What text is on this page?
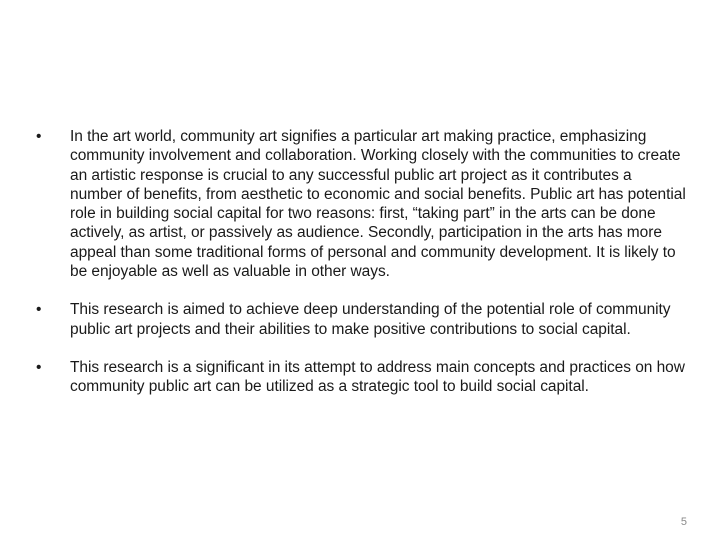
•	In the art world, community art signifies a particular art making practice, emphasizing community involvement and collaboration. Working closely with the communities to create an artistic response is crucial to any successful public art project as it contributes a number of benefits, from aesthetic to economic and social benefits. Public art has potential role in building social capital for two reasons: first, “taking part” in the arts can be done actively, as artist, or passively as audience. Secondly, participation in the arts has more appeal than some traditional forms of personal and community development. It is likely to be enjoyable as well as valuable in other ways.
•	This research is aimed to achieve deep understanding of the potential role of community public art projects and their abilities to make positive contributions to social capital.
•	This research is a significant in its attempt to address main concepts and practices on how community public art can be utilized as a strategic tool to build social capital.
5
